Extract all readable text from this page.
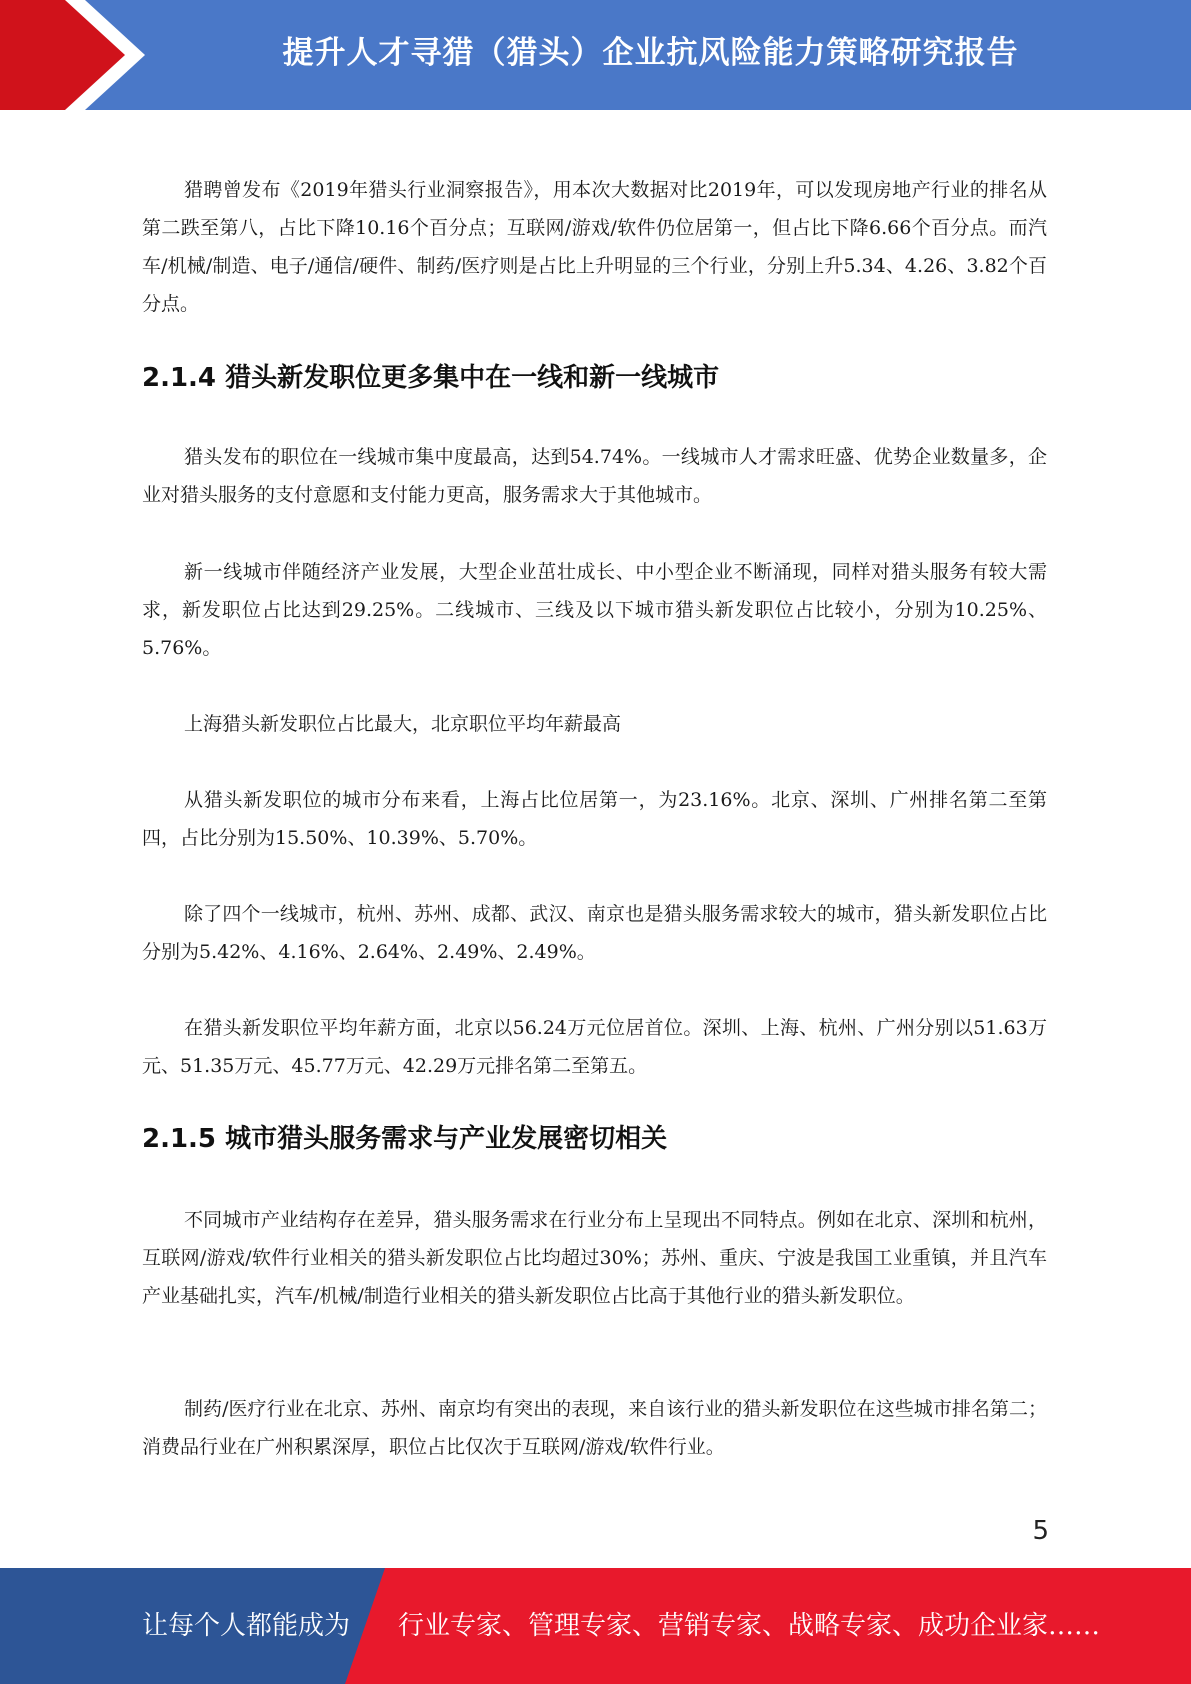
提升人才寻猎（猎头）企业抗风险能力策略研究报告

猎聘曾发布《2019年猎头行业洞察报告》，用本次大数据对比2019年，可以发现房地产行业的排名从第二跌至第八，占比下降10.16个百分点；互联网/游戏/软件仍位居第一，但占比下降6.66个百分点。而汽车/机械/制造、电子/通信/硬件、制药/医疗则是占比上升明显的三个行业，分别上升5.34、4.26、3.82个百分点。

2.1.4 猎头新发职位更多集中在一线和新一线城市

猎头发布的职位在一线城市集中度最高，达到54.74%。一线城市人才需求旺盛、优势企业数量多，企业对猎头服务的支付意愿和支付能力更高，服务需求大于其他城市。

新一线城市伴随经济产业发展，大型企业茁壮成长、中小型企业不断涌现，同样对猎头服务有较大需求，新发职位占比达到29.25%。二线城市、三线及以下城市猎头新发职位占比较小，分别为10.25%、5.76%。

上海猎头新发职位占比最大，北京职位平均年薪最高

从猎头新发职位的城市分布来看，上海占比位居第一，为23.16%。北京、深圳、广州排名第二至第四，占比分别为15.50%、10.39%、5.70%。

除了四个一线城市，杭州、苏州、成都、武汉、南京也是猎头服务需求较大的城市，猎头新发职位占比分别为5.42%、4.16%、2.64%、2.49%、2.49%。

在猎头新发职位平均年薪方面，北京以56.24万元位居首位。深圳、上海、杭州、广州分别以51.63万元、51.35万元、45.77万元、42.29万元排名第二至第五。

2.1.5 城市猎头服务需求与产业发展密切相关

不同城市产业结构存在差异，猎头服务需求在行业分布上呈现出不同特点。例如在北京、深圳和杭州，互联网/游戏/软件行业相关的猎头新发职位占比均超过30%；苏州、重庆、宁波是我国工业重镇，并且汽车产业基础扎实，汽车/机械/制造行业相关的猎头新发职位占比高于其他行业的猎头新发职位。

制药/医疗行业在北京、苏州、南京均有突出的表现，来自该行业的猎头新发职位在这些城市排名第二；消费品行业在广州积累深厚，职位占比仅次于互联网/游戏/软件行业。

5
让每个人都能成为 行业专家、管理专家、营销专家、战略专家、成功企业家……
